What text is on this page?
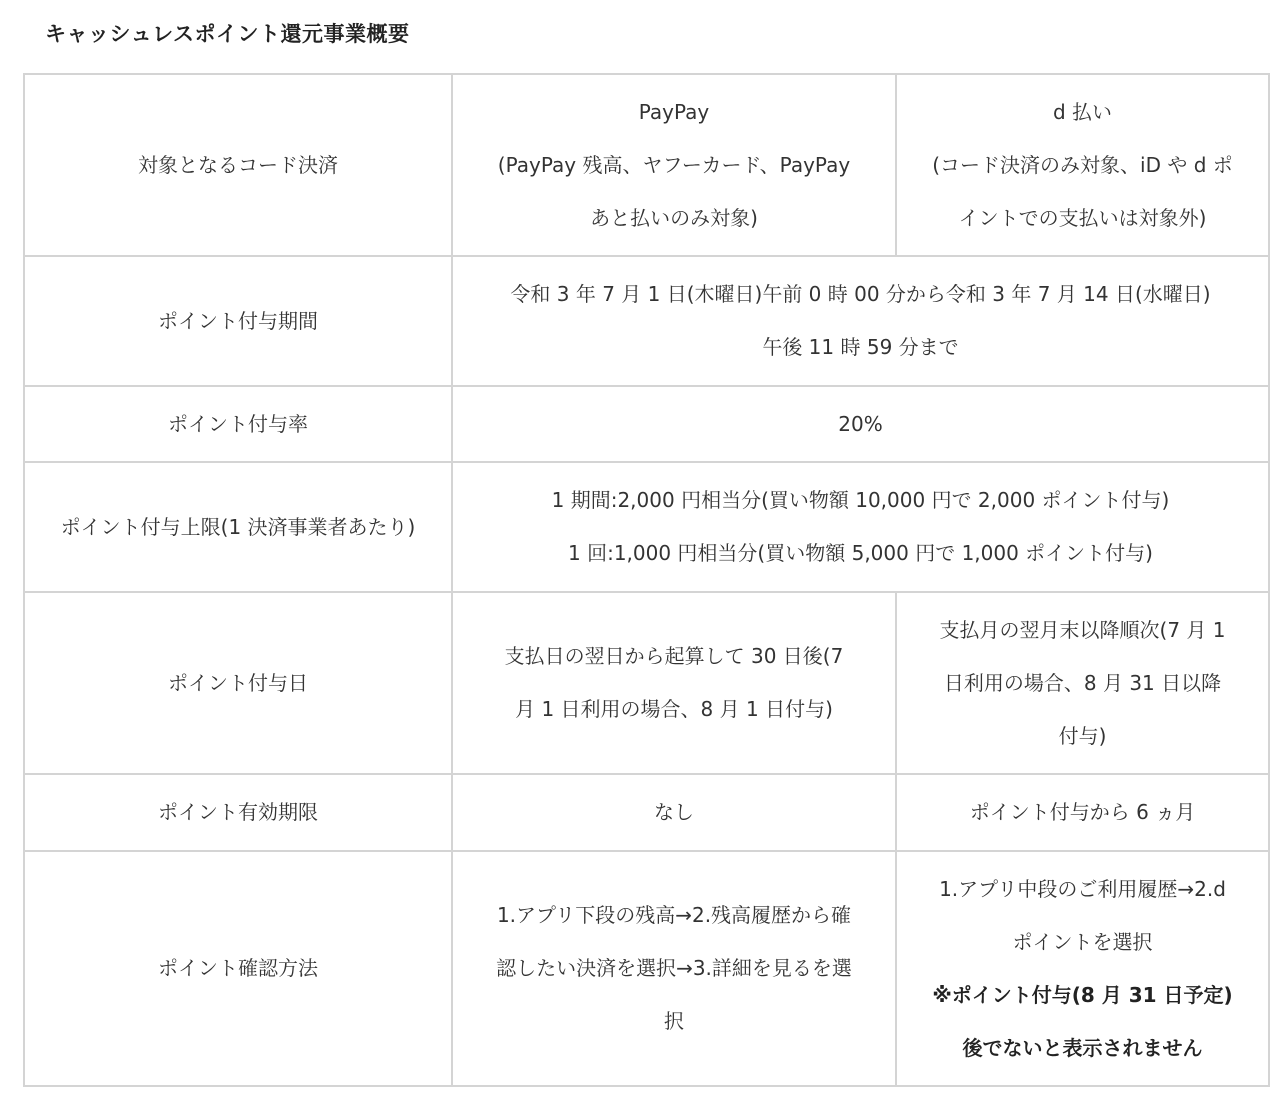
キャッシュレスポイント還元事業概要
対象となるコード決済	PayPay
(PayPay 残高、ヤフーカード、PayPay
あと払いのみ対象)	d 払い
(コード決済のみ対象、iD や d ポ
イントでの支払いは対象外)

ポイント付与期間	令和 3 年 7 月 1 日(木曜日)午前 0 時 00 分から令和 3 年 7 月 14 日(水曜日)
午後 11 時 59 分まで	

ポイント付与率	20%	
ポイント付与上限(1 決済事業者あたり)	1 期間:2,000 円相当分(買い物額 10,000 円で 2,000 ポイント付与)
1 回:1,000 円相当分(買い物額 5,000 円で 1,000 ポイント付与)	

ポイント付与日	支払日の翌日から起算して 30 日後(7
月 1 日利用の場合、8 月 1 日付与)	支払月の翌月末以降順次(7 月 1
日利用の場合、8 月 31 日以降
付与)

ポイント有効期限	なし	ポイント付与から 6 ヵ月
ポイント確認方法	1.アプリ下段の残高→2.残高履歴から確
認したい決済を選択→3.詳細を見るを選
択	1.アプリ中段のご利用履歴→2.d
ポイントを選択
※ポイント付与(8 月 31 日予定)
後でないと表示されません
